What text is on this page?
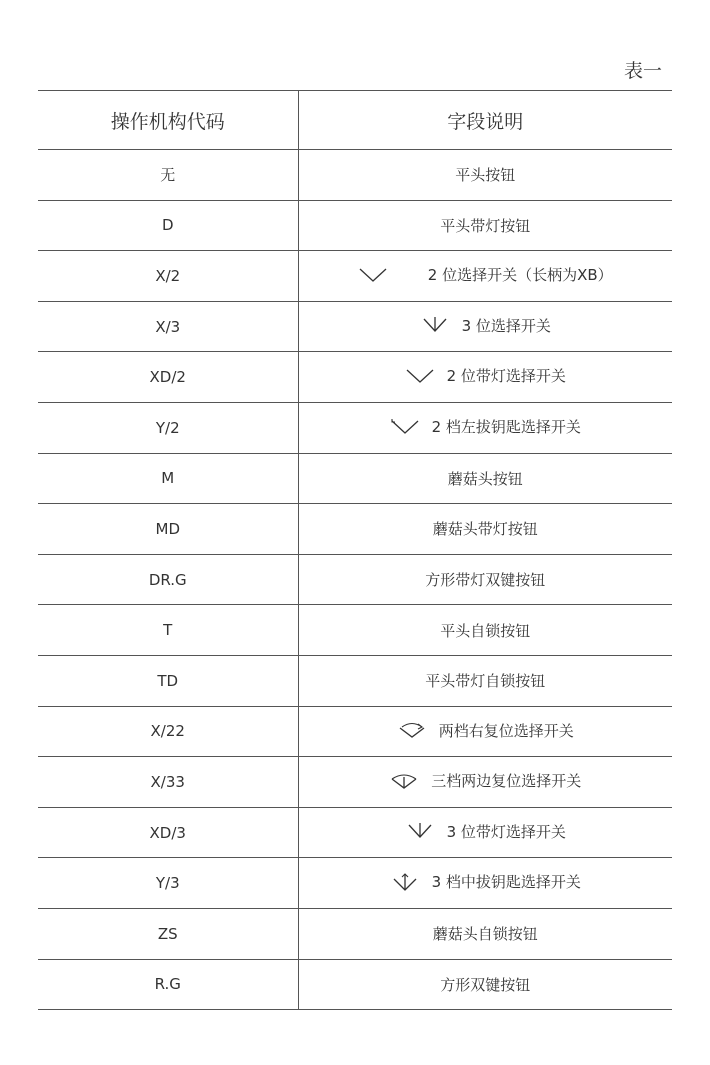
表一
操作机构代码	字段说明
无	平头按钮

D	平头带灯按钮

X/2	2 位选择开关（长柄为XB）

X/3	3 位选择开关

XD/2	2 位带灯选择开关

Y/2	2 档左拔钥匙选择开关

M	蘑菇头按钮

MD	蘑菇头带灯按钮

DR.G	方形带灯双键按钮

T	平头自锁按钮

TD	平头带灯自锁按钮

X/22	两档右复位选择开关

X/33	三档两边复位选择开关

XD/3	3 位带灯选择开关

Y/3	3 档中拔钥匙选择开关

ZS	蘑菇头自锁按钮

R.G	方形双键按钮
